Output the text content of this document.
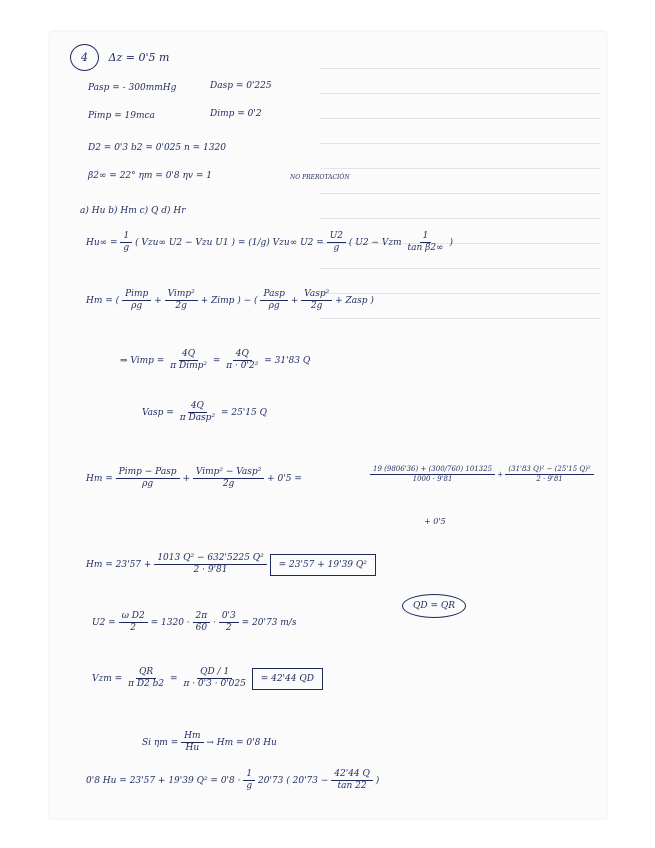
4 Δz = 0'5 m
Pasp = - 300mmHg	Dasp = 0'225
Pimp = 19mca	Dimp = 0'2
D2 = 0'3 b2 = 0'025 n = 1320
β2∞ = 22° ηm = 0'8 ηv = 1	NO PREROTACIÓN
a) Hu b) Hm c) Q d) Hr
$Hu\infty = \frac{1}{g}$ ( Vzu∞ U2 − Vzu U1 ) = (1/g) Vzu∞ $U2 = \frac{U2}{g}$ ( U2 − Vzm $\frac{1}{\text{tan β2∞}}$ )
Hm = ( $\frac{\text{Pimp}}{\rho g} + \frac{\text{Vimp²}}{2g}$ + Zimp ) − ( $\frac{\text{Pasp}}{\rho g} + \frac{\text{Vasp²}}{2g}$ + Zasp )
⇒ Vimp = $\frac{4Q}{\text{π Dimp²}} = \frac{4Q}{\text{π · 0'2²}} = 31'83$ Q
Vasp = $\frac{4Q}{\text{π Dasp²}} = 25'15$ Q
$Hm = \frac{\text{Pimp − Pasp}}{\rho g} + \frac{\text{Vimp² − Vasp²}}{2g} + 0'5$ =	$\frac{19 (9806'36) + (300/760) 101325}{1000 \cdot 9'81} + \frac{\text{(31'83 Q)² − (25'15 Q)²}}{2 \cdot 9'81}$
+ 0'5
$Hm = 23'57 + \frac{\text{1013 Q² − 632'5225 Q²}}{2 \cdot 9'81} = 23'57 + 19'39$ Q²
$U2 = \frac{\text{ω D2}}{2} = 1320 \cdot \frac{2\pi}{60} \cdot \frac{0'3}{2} = 20'73$ m/s
QD = QR
Vzm = $\frac{QR}{\text{π D2 b2}} = \frac{QD / 1}{\pi \cdot 0'3 \cdot 0'025} = 42'44$ QD
Si $\eta m = \frac{Hm}{Hu} \to Hm = 0'8$ Hu
0'8 Hu = 23'57 + 19'39 $Q^2 = 0'8 \cdot \frac{1}{g} 20'73$ ( $20'73 - \frac{42'44 Q}{\tan 22}$ )
